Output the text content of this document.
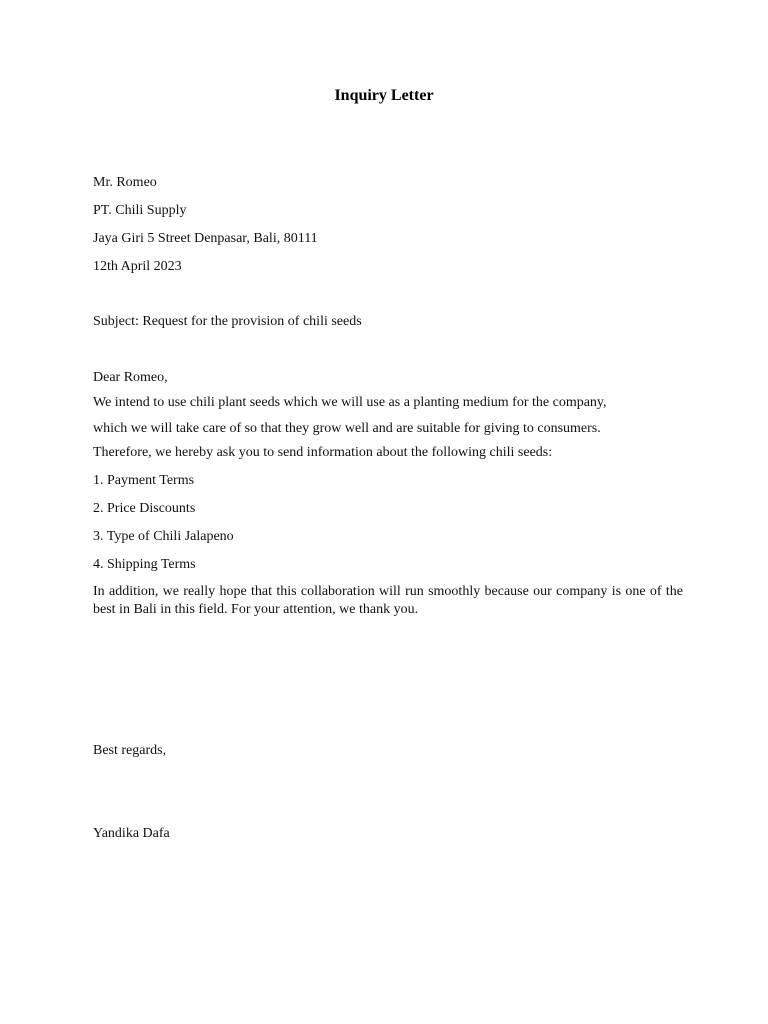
Inquiry Letter
Mr. Romeo
PT. Chili Supply
Jaya Giri 5 Street Denpasar, Bali, 80111
12th April 2023
Subject: Request for the provision of chili seeds
Dear Romeo,
We intend to use chili plant seeds which we will use as a planting medium for the company,
which we will take care of so that they grow well and are suitable for giving to consumers.
Therefore, we hereby ask you to send information about the following chili seeds:
1. Payment Terms
2. Price Discounts
3. Type of Chili Jalapeno
4. Shipping Terms
In addition, we really hope that this collaboration will run smoothly because our company is one of the best in Bali in this field. For your attention, we thank you.
Best regards,
Yandika Dafa
